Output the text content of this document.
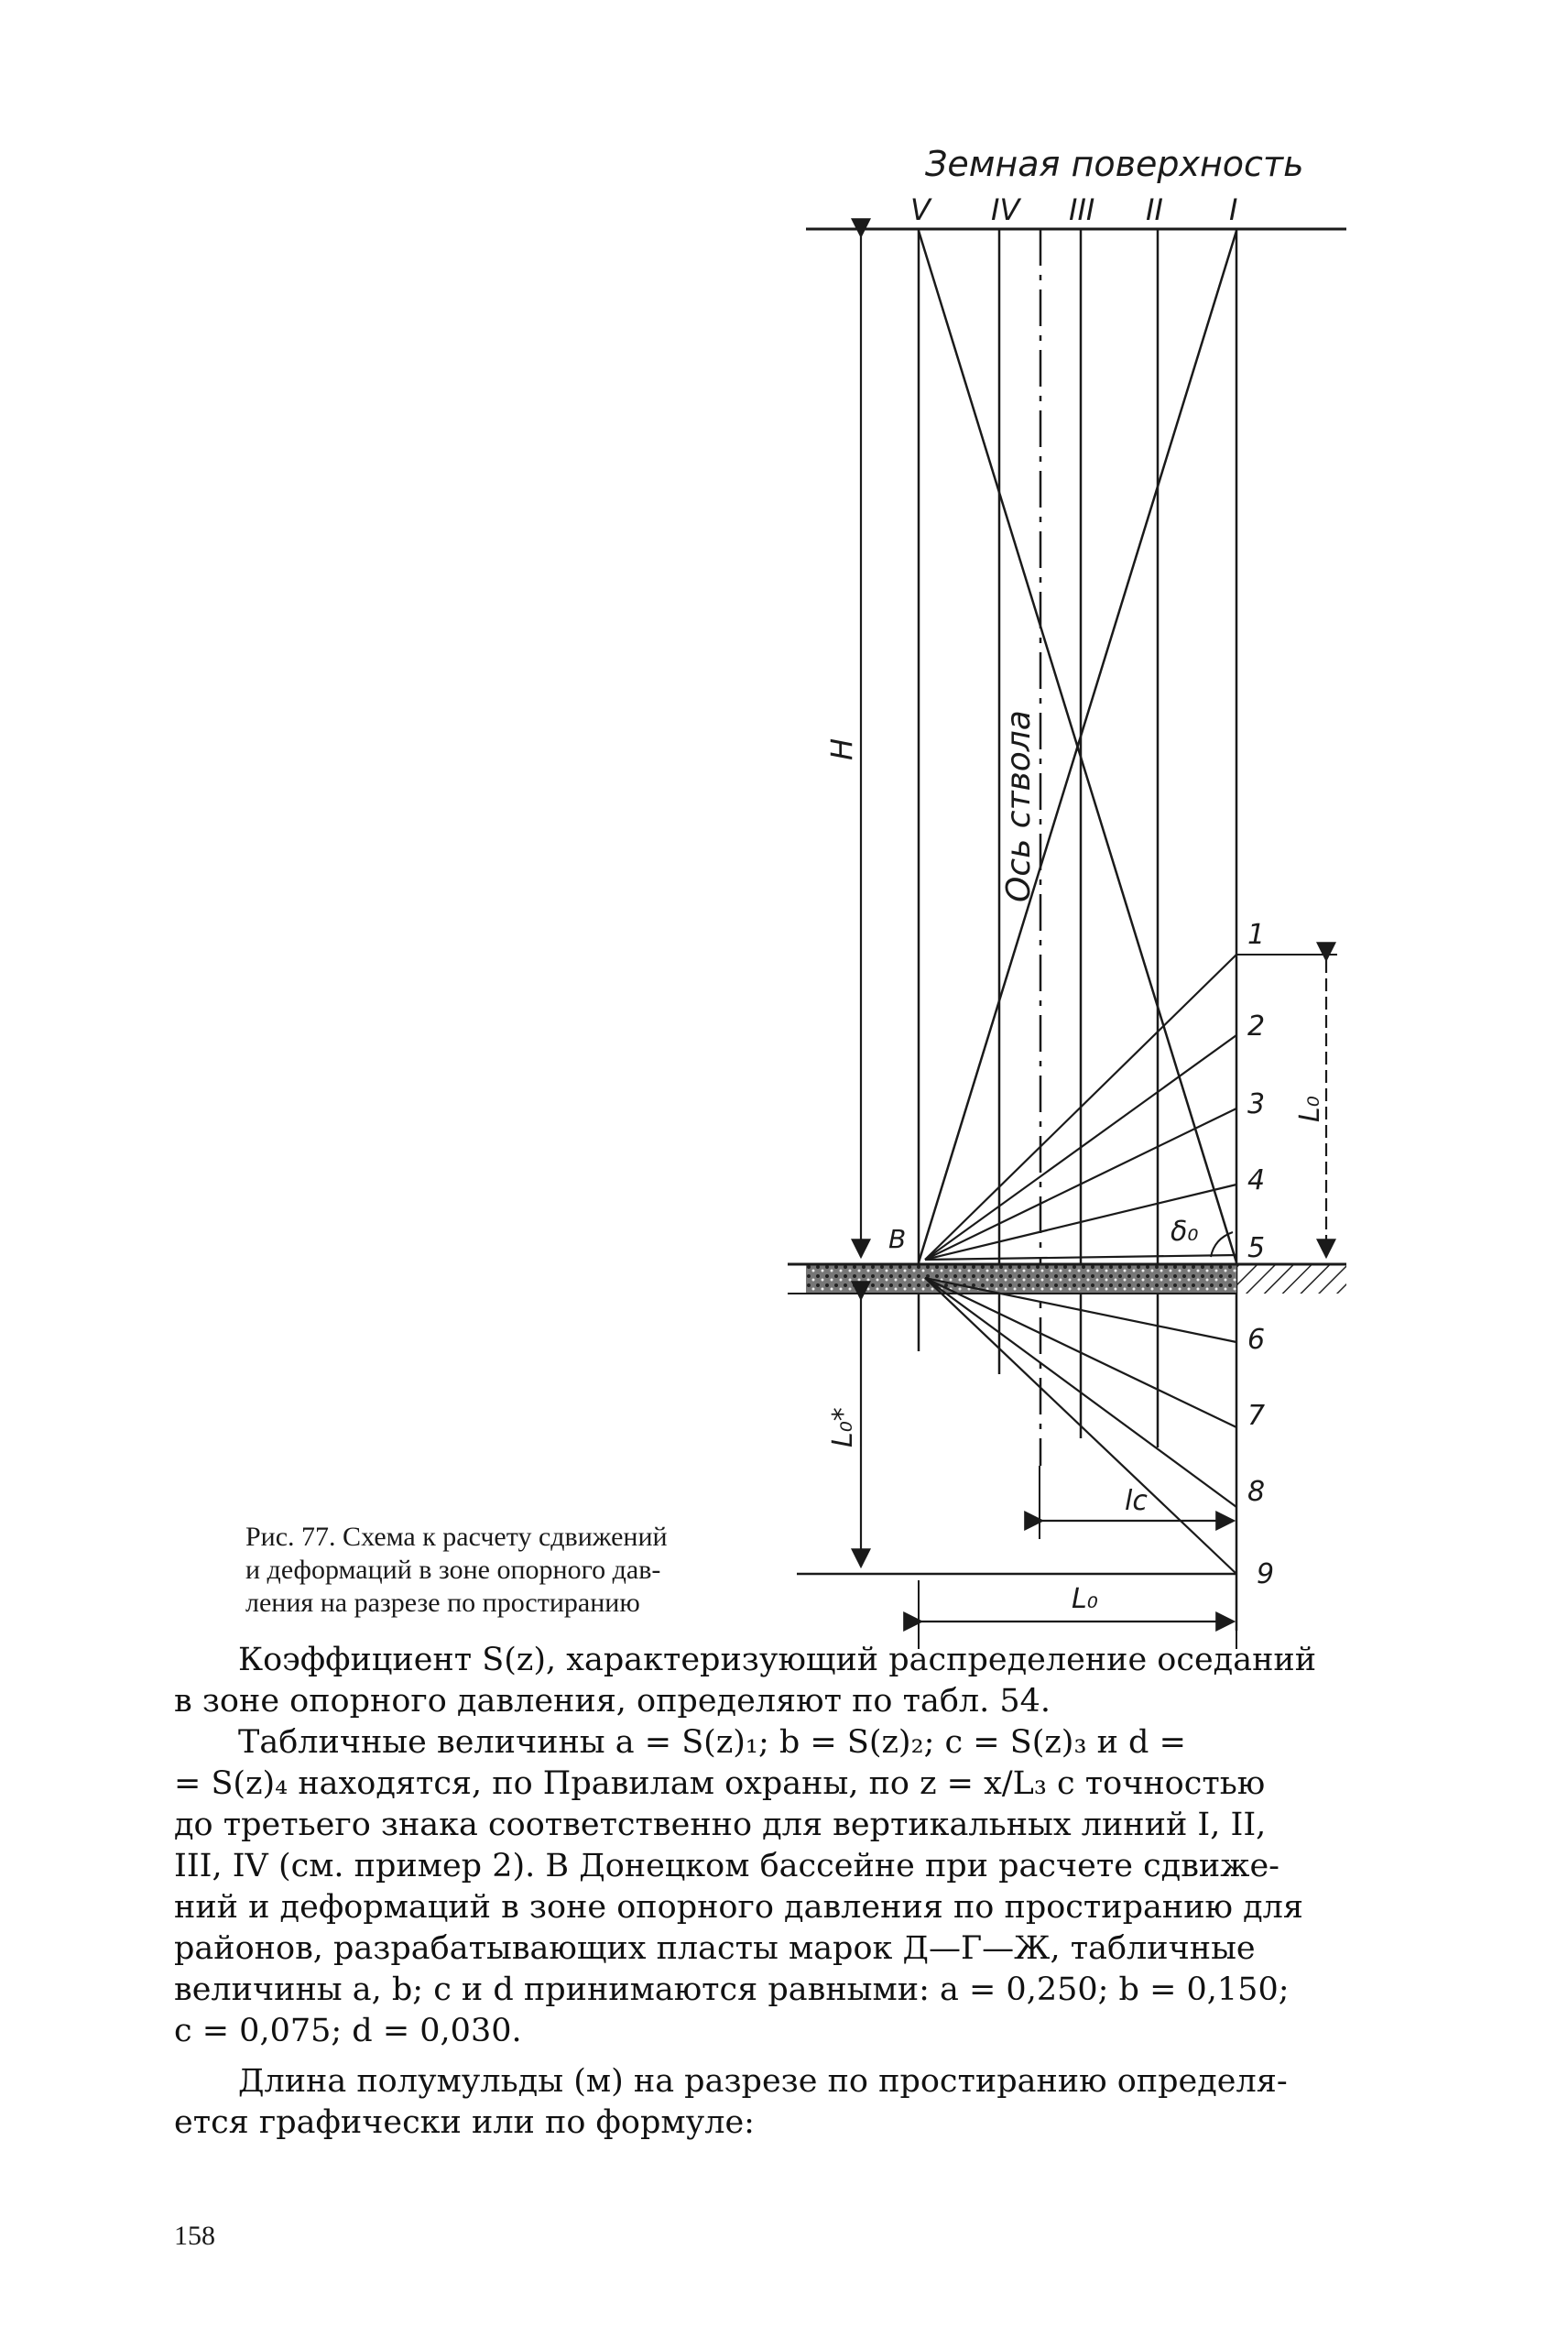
Земная поверхность
V IV III II I
Ось ствола
H
L₀*
L₀
1
2
3
4
5
6
7
8
9
B	δ₀
lc
L₀
Рис. 77. Схема к расчету сдвижений
и деформаций в зоне опорного дав-
ления на разрезе по простиранию

Коэффициент S(z), характеризующий распределение оседаний
в зоне опорного давления, определяют по табл. 54.

Табличные величины a = S(z)₁; b = S(z)₂; c = S(z)₃ и d =
= S(z)₄ находятся, по Правилам охраны, по z = x/L₃ с точностью
до третьего знака соответственно для вертикальных линий I, II,
III, IV (см. пример 2). В Донецком бассейне при расчете сдвиже-
ний и деформаций в зоне опорного давления по простиранию для
районов, разрабатывающих пласты марок Д—Г—Ж, табличные
величины a, b; c и d принимаются равными: a = 0,250; b = 0,150;
c = 0,075; d = 0,030.

Длина полумульды (м) на разрезе по простиранию определя-
ется графически или по формуле:

158
